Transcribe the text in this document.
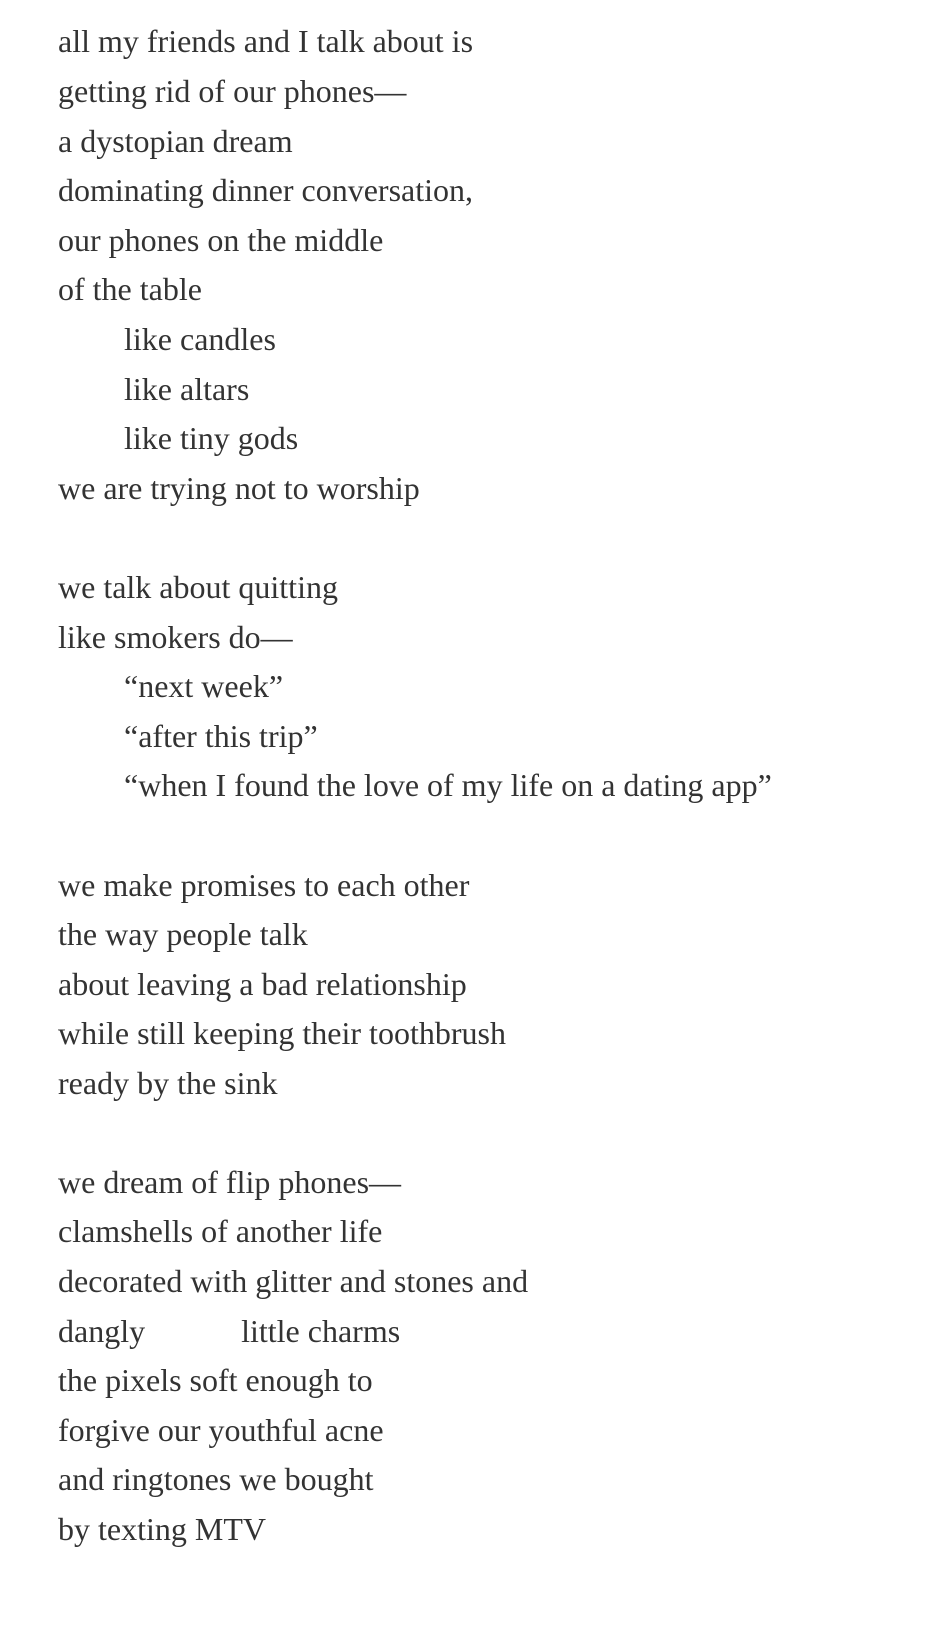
all my friends and I talk about is
getting rid of our phones—
a dystopian dream
dominating dinner conversation,
our phones on the middle
of the table
like candles
like altars
like tiny gods
we are trying not to worship
we talk about quitting
like smokers do—
“next week”
“after this trip”
“when I found the love of my life on a dating app”
we make promises to each other
the way people talk
about leaving a bad relationship
while still keeping their toothbrush
ready by the sink
we dream of flip phones—
clamshells of another life
decorated with glitter and stones and
dangly	little charms
the pixels soft enough to
forgive our youthful acne
and ringtones we bought
by texting MTV
